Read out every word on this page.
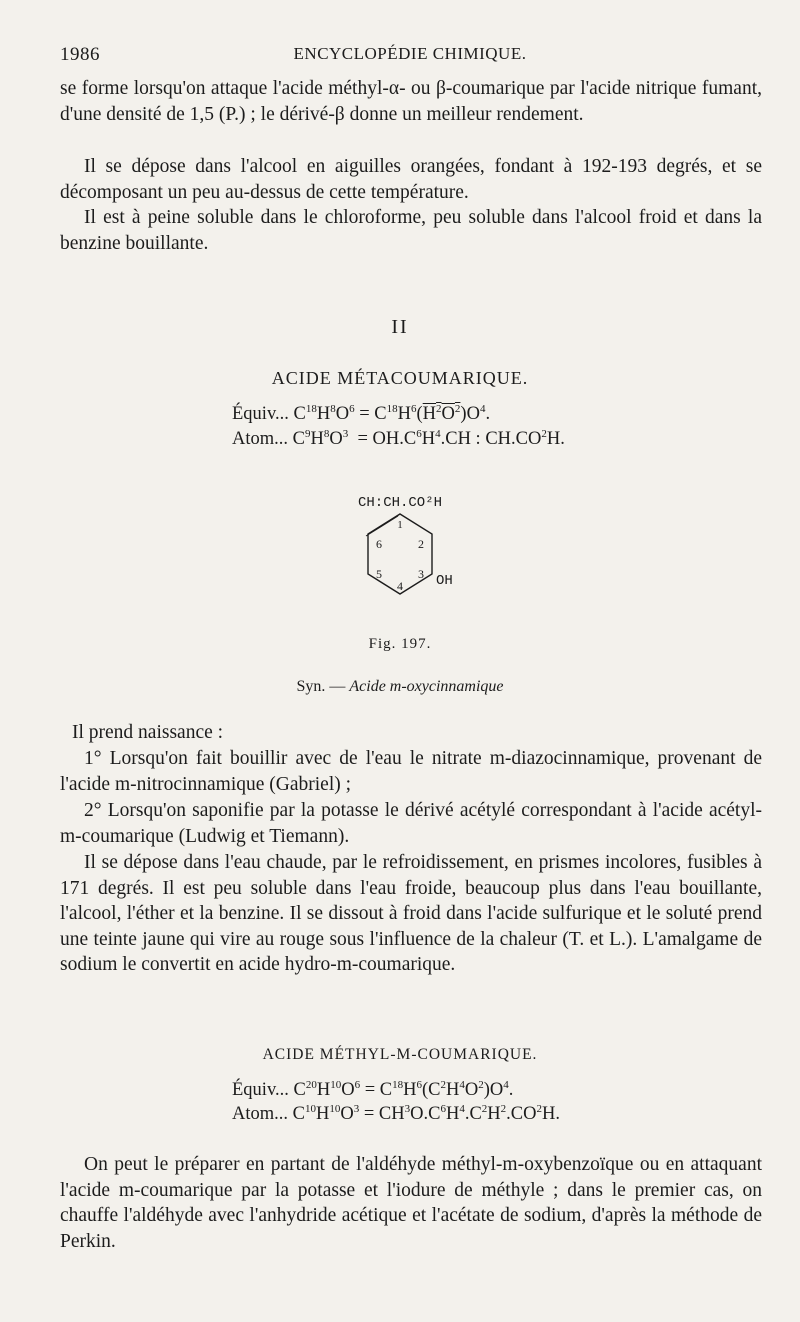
1986	ENCYCLOPÉDIE CHIMIQUE.

se forme lorsqu'on attaque l'acide méthyl-α- ou β-coumarique par l'acide nitrique fumant, d'une densité de 1,5 (P.) ; le dérivé-β donne un meilleur rendement.

Il se dépose dans l'alcool en aiguilles orangées, fondant à 192-193 degrés, et se décomposant un peu au-dessus de cette température.

Il est à peine soluble dans le chloroforme, peu soluble dans l'alcool froid et dans la benzine bouillante.

II
ACIDE MÉTACOUMARIQUE.
Équiv... $C^{18}H^8O^6 = C^{18}H^6(H^2O^2)O^4$.
Atom... $C^9H^8O^3 = OH.C^6H^4.CH$ : $CH.CO^2H$.
CH:CH.CO²H
1
2
3
4
5
6
OH
Fig. 197.
Syn. — Acide m-oxycinnamique

Il prend naissance :

1° Lorsqu'on fait bouillir avec de l'eau le nitrate m-diazocinnamique, provenant de l'acide m-nitrocinnamique (Gabriel) ;

2° Lorsqu'on saponifie par la potasse le dérivé acétylé correspondant à l'acide acétyl-m-coumarique (Ludwig et Tiemann).

Il se dépose dans l'eau chaude, par le refroidissement, en prismes incolores, fusibles à 171 degrés. Il est peu soluble dans l'eau froide, beaucoup plus dans l'eau bouillante, l'alcool, l'éther et la benzine. Il se dissout à froid dans l'acide sulfurique et le soluté prend une teinte jaune qui vire au rouge sous l'influence de la chaleur (T. et L.). L'amalgame de sodium le convertit en acide hydro-m-coumarique.

ACIDE MÉTHYL-M-COUMARIQUE.
Équiv... $C^{20}H^{10}O^6 = C^{18}H^6(C^2H^4O^2)O^4$.
Atom... $C^{10}H^{10}O^3 = CH^3O.C^6H^4.C^2H^2.CO^2H$.

On peut le préparer en partant de l'aldéhyde méthyl-m-oxybenzoïque ou en attaquant l'acide m-coumarique par la potasse et l'iodure de méthyle ; dans le premier cas, on chauffe l'aldéhyde avec l'anhydride acétique et l'acétate de sodium, d'après la méthode de Perkin.
